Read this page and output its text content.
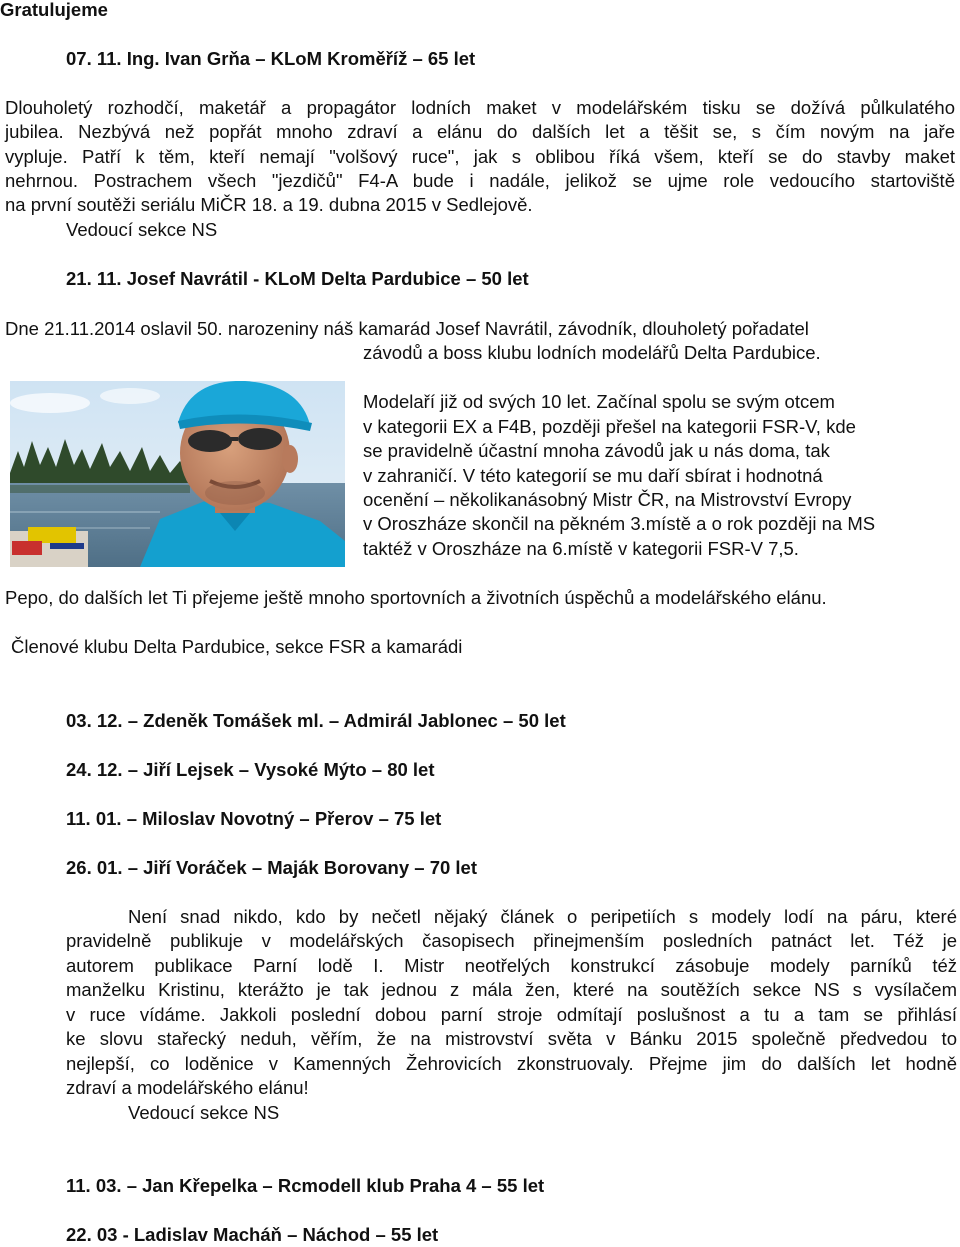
Gratulujeme

07. 11. Ing. Ivan Grňa – KLoM Kroměříž – 65 let

Dlouholetý rozhodčí, maketář a propagátor lodních maket v modelářském tisku se dožívá půlkulatého

jubilea. Nezbývá než popřát mnoho zdraví a elánu do dalších let a těšit se, s čím novým na jaře

vypluje. Patří k těm, kteří nemají "volšový ruce", jak s oblibou říká všem, kteří se do stavby maket

nehrnou. Postrachem všech "jezdičů" F4-A bude i nadále, jelikož se ujme role vedoucího startoviště

na první soutěži seriálu MiČR 18. a 19. dubna 2015 v Sedlejově.

Vedoucí sekce NS

21. 11. Josef Navrátil - KLoM Delta Pardubice – 50 let

Dne 21.11.2014 oslavil 50. narozeniny náš kamarád Josef Navrátil, závodník, dlouholetý pořadatel

závodů a boss klubu lodních modelářů Delta Pardubice.

Modelaří již od svých 10 let. Začínal spolu se svým otcem

v kategorii EX a F4B, později přešel na kategorii FSR-V, kde

se pravidelně účastní mnoha závodů jak u nás doma, tak

v zahraničí. V této kategorií se mu daří sbírat i hodnotná

ocenění – několikanásobný Mistr ČR, na Mistrovství Evropy

v Oroszháze skončil na pěkném 3.místě a o rok později na MS

taktéž v Oroszháze na 6.místě v kategorii FSR-V 7,5.

Pepo, do dalších let Ti přejeme ještě mnoho sportovních a životních úspěchů a modelářského elánu.

Členové klubu Delta Pardubice, sekce FSR a kamarádi

03. 12. – Zdeněk Tomášek ml. – Admirál Jablonec – 50 let

24. 12. – Jiří Lejsek – Vysoké Mýto – 80 let

11. 01. – Miloslav Novotný – Přerov – 75 let

26. 01. – Jiří Voráček – Maják Borovany – 70 let

Není snad nikdo, kdo by nečetl nějaký článek o peripetiích s modely lodí na páru, které

pravidelně publikuje v modelářských časopisech přinejmenším posledních patnáct let. Též je

autorem publikace Parní lodě I. Mistr neotřelých konstrukcí zásobuje modely parníků též

manželku Kristinu, kterážto je tak jednou z mála žen, které na soutěžích sekce NS s vysílačem

v ruce vídáme. Jakkoli poslední dobou parní stroje odmítají poslušnost a tu a tam se přihlásí

ke slovu stařecký neduh, věřím, že na mistrovství světa v Bánku 2015 společně předvedou to

nejlepší, co loděnice v Kamenných Žehrovicích zkonstruovaly. Přejme jim do dalších let hodně

zdraví a modelářského elánu!

Vedoucí sekce NS

11. 03. – Jan Křepelka – Rcmodell klub Praha 4 – 55 let

22. 03 - Ladislav Macháň – Náchod – 55 let
